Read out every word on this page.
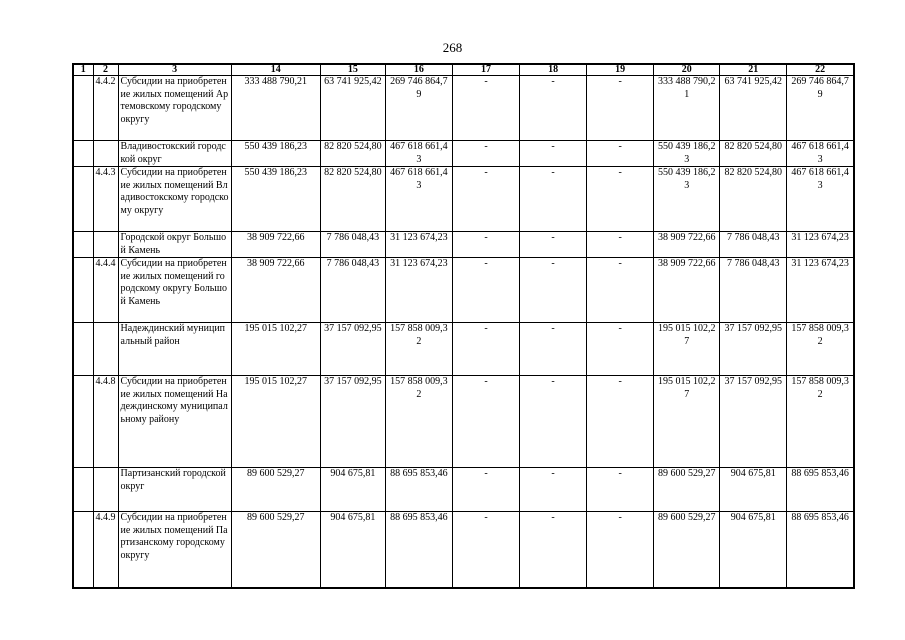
268
1	2	3	14	15	16	17	18	19	20	21	22
	4.4.2	Субсидии на приобретение жилых помещений Артемовскому городскому округу	333 488 790,21	63 741 925,42	269 746 864,79	-	-	-	333 488 790,21	63 741 925,42	269 746 864,79
		Владивостокский городской округ	550 439 186,23	82 820 524,80	467 618 661,43	-	-	-	550 439 186,23	82 820 524,80	467 618 661,43
	4.4.3	Субсидии на приобретение жилых помещений Владивостокскому городскому округу	550 439 186,23	82 820 524,80	467 618 661,43	-	-	-	550 439 186,23	82 820 524,80	467 618 661,43
		Городской округ Большой Камень	38 909 722,66	7 786 048,43	31 123 674,23	-	-	-	38 909 722,66	7 786 048,43	31 123 674,23
	4.4.4	Субсидии на приобретение жилых помещений городскому округу Большой Камень	38 909 722,66	7 786 048,43	31 123 674,23	-	-	-	38 909 722,66	7 786 048,43	31 123 674,23
		Надеждинский муниципальный район	195 015 102,27	37 157 092,95	157 858 009,32	-	-	-	195 015 102,27	37 157 092,95	157 858 009,32
	4.4.8	Субсидии на приобретение жилых помещений Надеждинскому муниципальному району	195 015 102,27	37 157 092,95	157 858 009,32	-	-	-	195 015 102,27	37 157 092,95	157 858 009,32
		Партизанский городской округ	89 600 529,27	904 675,81	88 695 853,46	-	-	-	89 600 529,27	904 675,81	88 695 853,46
	4.4.9	Субсидии на приобретение жилых помещений Партизанскому городскому округу	89 600 529,27	904 675,81	88 695 853,46	-	-	-	89 600 529,27	904 675,81	88 695 853,46
